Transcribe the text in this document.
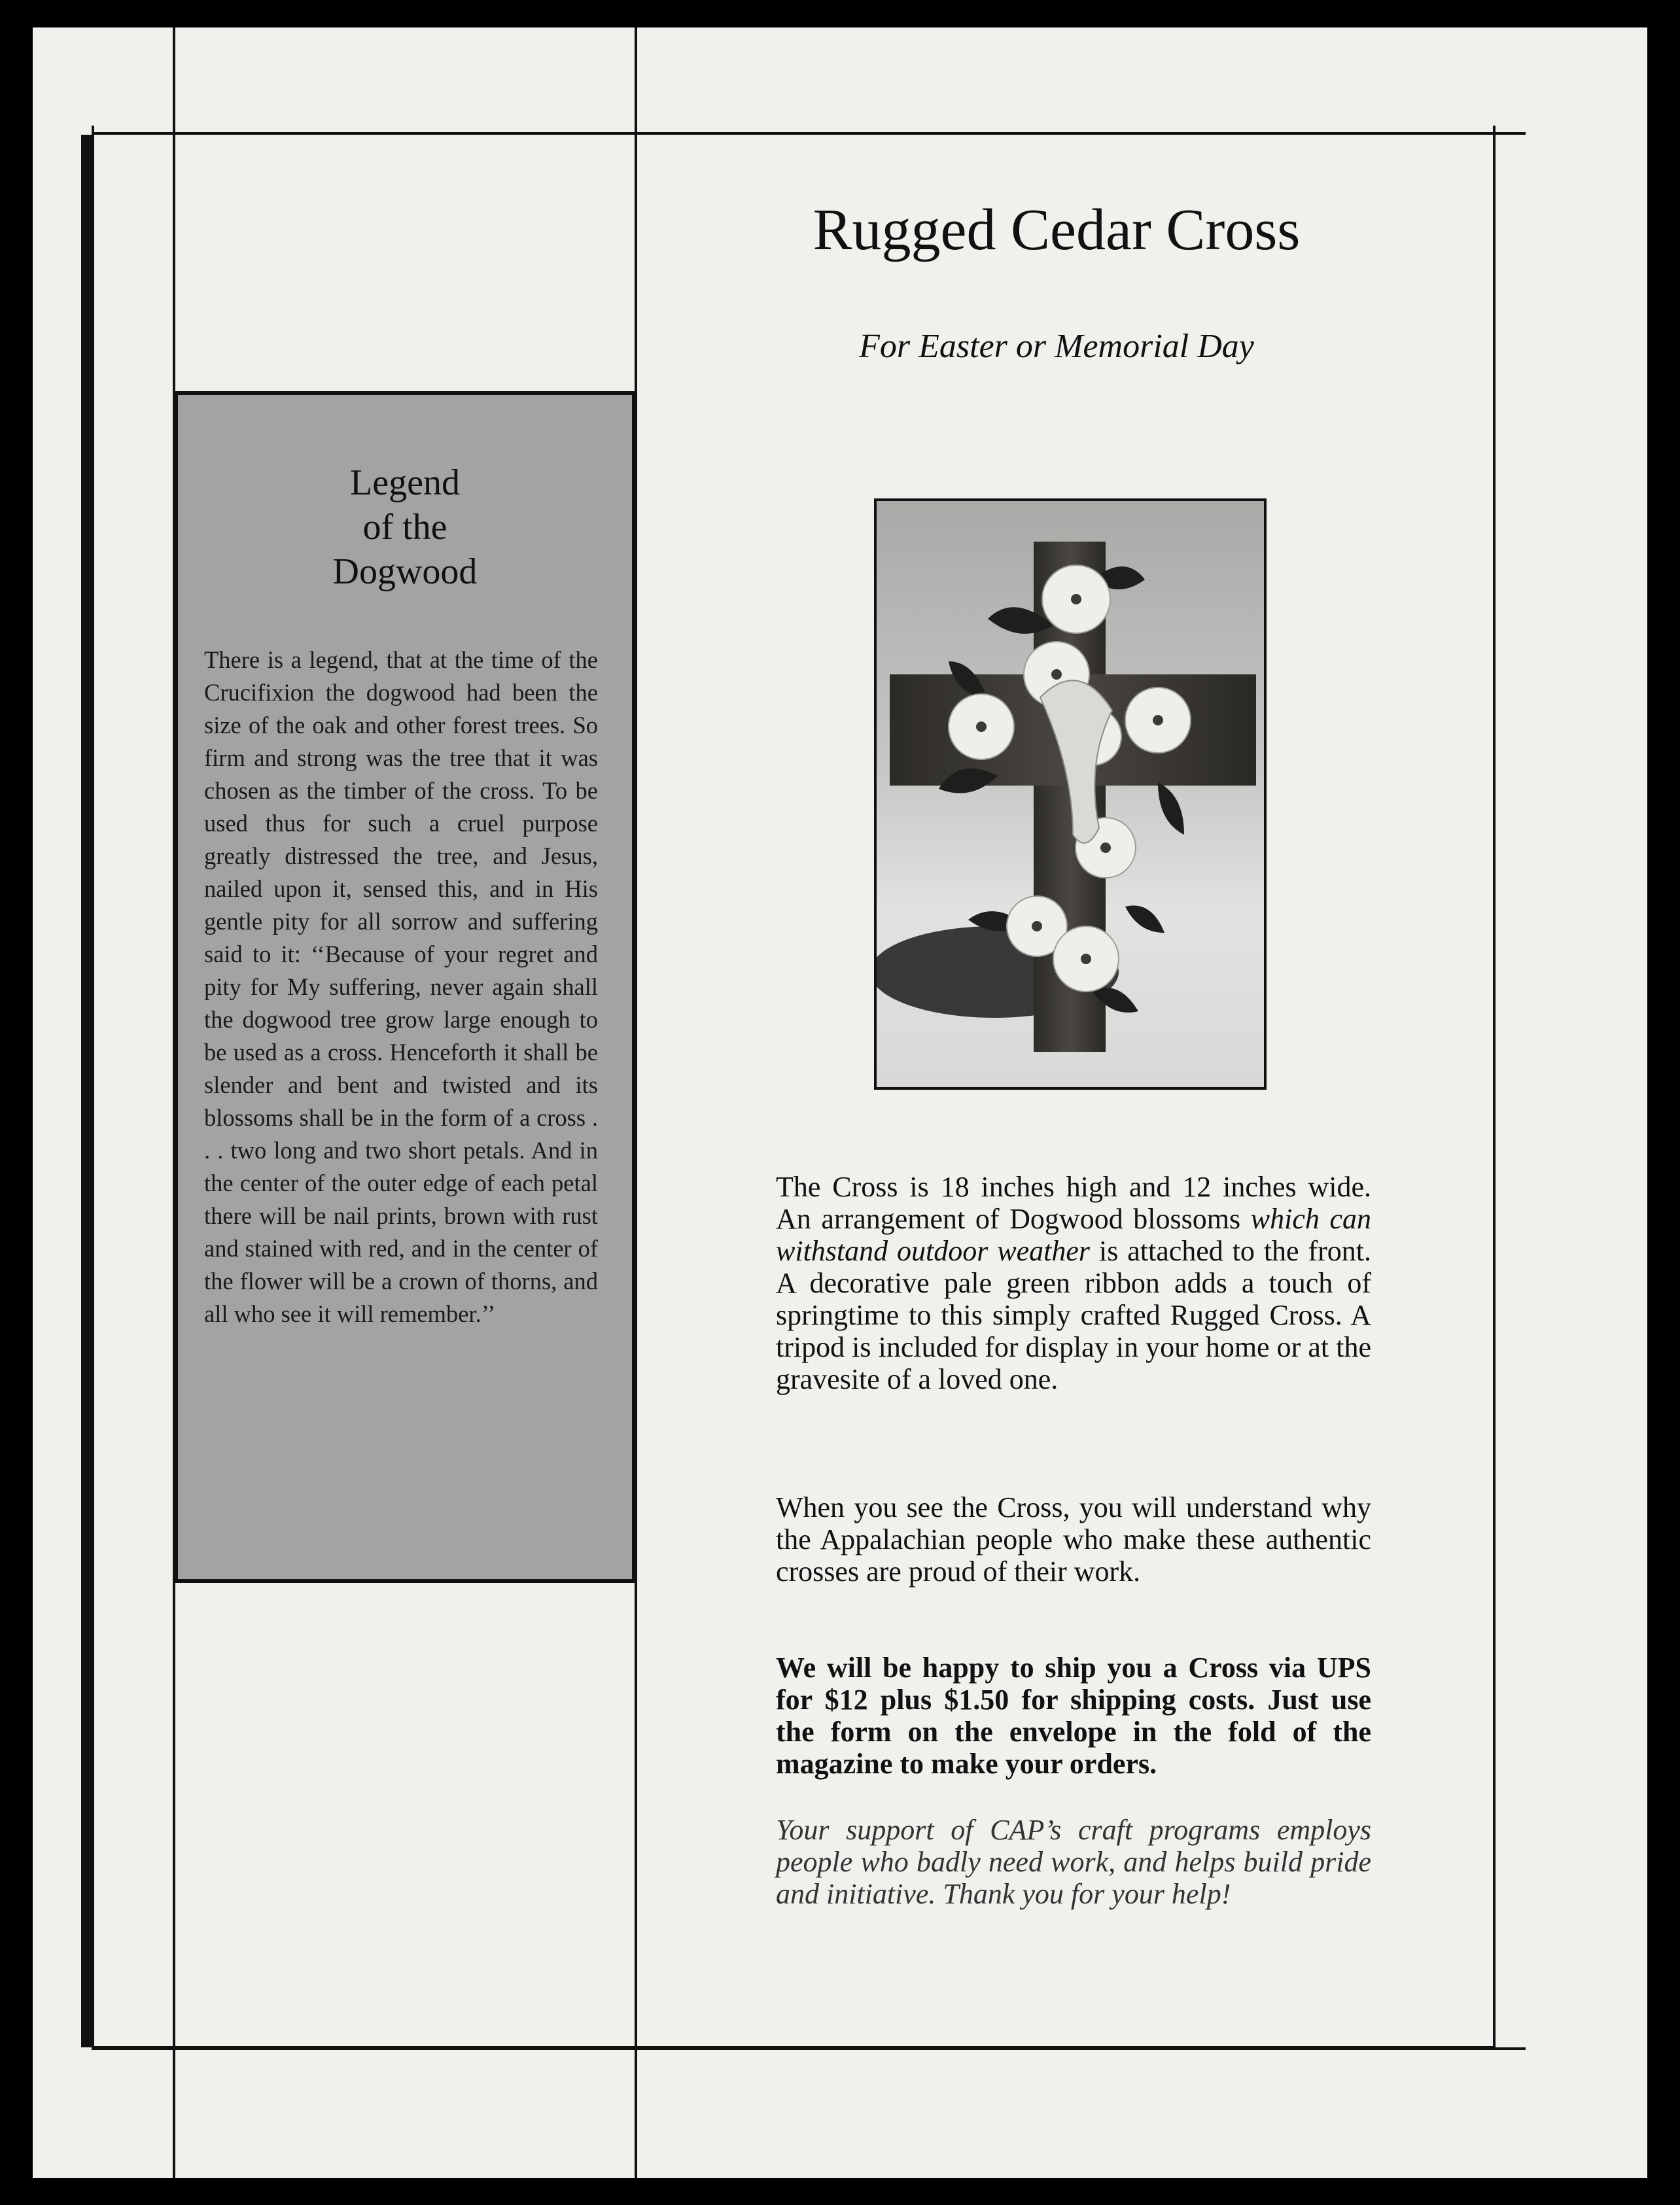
Legend
of the
Dogwood
There is a legend, that at the time of the Crucifixion the dogwood had been the size of the oak and other forest trees. So firm and strong was the tree that it was chosen as the timber of the cross. To be used thus for such a cruel purpose greatly distressed the tree, and Jesus, nailed upon it, sensed this, and in His gentle pity for all sorrow and suffering said to it: ‘‘Because of your regret and pity for My suffering, never again shall the dogwood tree grow large enough to be used as a cross. Henceforth it shall be slender and bent and twisted and its blossoms shall be in the form of a cross . . . two long and two short petals. And in the center of the outer edge of each petal there will be nail prints, brown with rust and stained with red, and in the center of the flower will be a crown of thorns, and all who see it will remember.’’
Rugged Cedar Cross
For Easter or Memorial Day
The Cross is 18 inches high and 12 inches wide. An arrangement of Dogwood blossoms which can withstand outdoor weather is attached to the front. A decorative pale green ribbon adds a touch of springtime to this simply crafted Rugged Cross. A tripod is included for display in your home or at the gravesite of a loved one.
When you see the Cross, you will understand why the Appalachian people who make these authentic crosses are proud of their work.
We will be happy to ship you a Cross via UPS for $12 plus $1.50 for shipping costs. Just use the form on the envelope in the fold of the magazine to make your orders.
Your support of CAP’s craft programs employs people who badly need work, and helps build pride and initiative. Thank you for your help!
